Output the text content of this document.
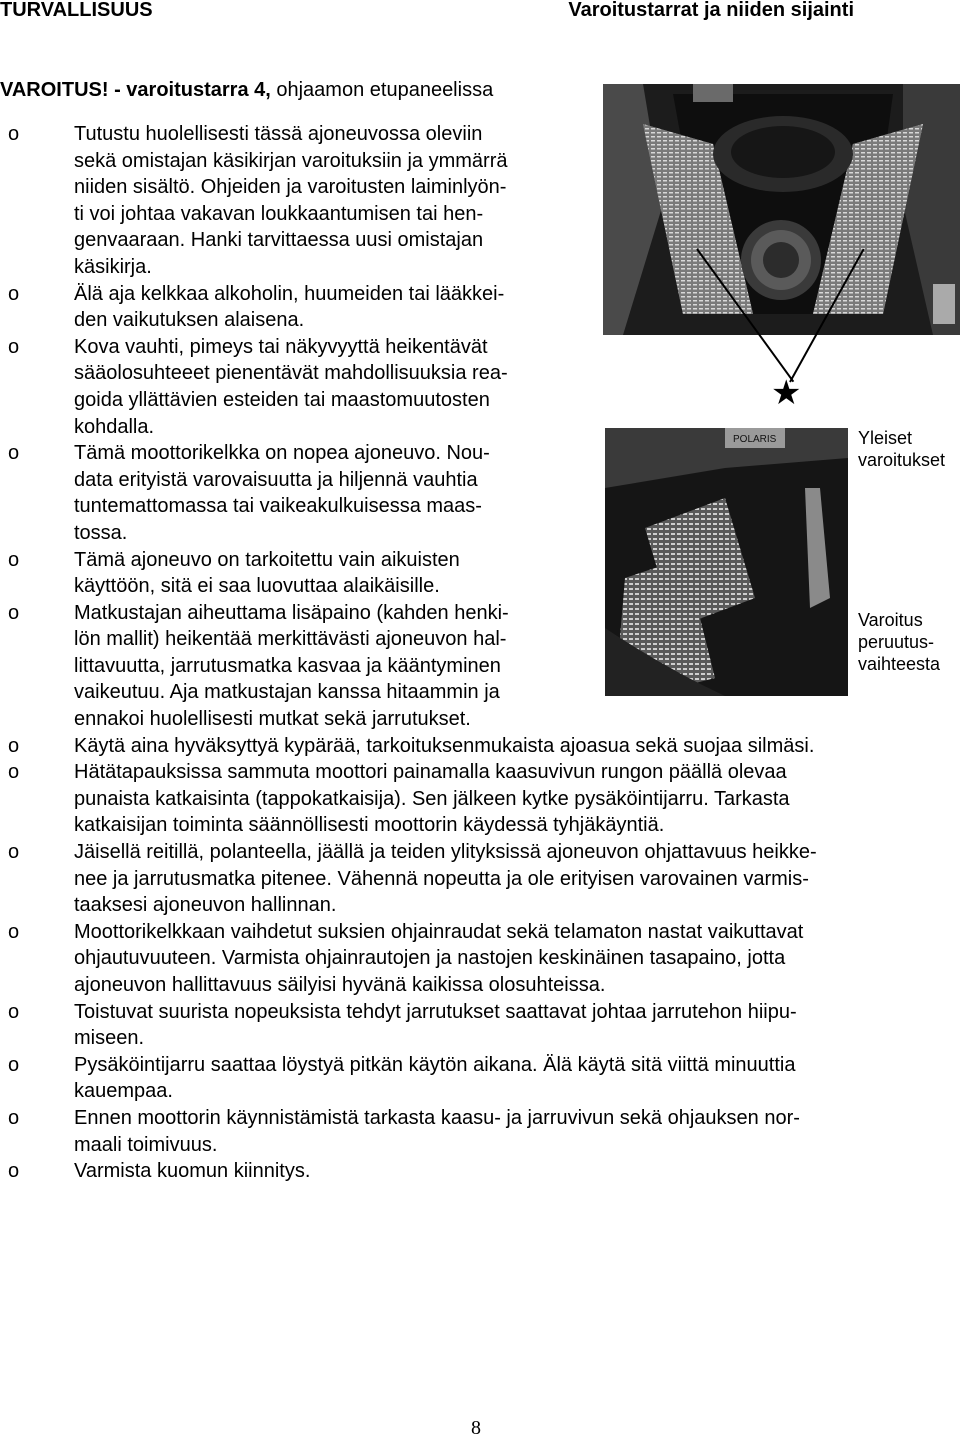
TURVALLISUUS	Varoitustarrat ja niiden sijainti
VAROITUS! - varoitustarra 4, ohjaamon etupaneelissa
o	Tutustu huolellisesti tässä ajoneuvossa oleviin
sekä omistajan käsikirjan varoituksiin ja ymmärrä
niiden sisältö. Ohjeiden ja varoitusten laiminlyön-
ti voi johtaa vakavan loukkaantumisen tai hen-
genvaaraan. Hanki tarvittaessa uusi omistajan
käsikirja.
o	Älä aja kelkkaa alkoholin, huumeiden tai lääkkei-
den vaikutuksen alaisena.
o	Kova vauhti, pimeys tai näkyvyyttä heikentävät
sääolosuhteeet pienentävät mahdollisuuksia rea-
goida yllättävien esteiden tai maastomuutosten
kohdalla.
o	Tämä moottorikelkka on nopea ajoneuvo. Nou-
data erityistä varovaisuutta ja hiljennä vauhtia
tuntemattomassa tai vaikeakulkuisessa maas-
tossa.
o	Tämä ajoneuvo on tarkoitettu vain aikuisten
käyttöön, sitä ei saa luovuttaa alaikäisille.
o	Matkustajan aiheuttama lisäpaino (kahden henki-
lön mallit) heikentää merkittävästi ajoneuvon hal-
littavuutta, jarrutusmatka kasvaa ja kääntyminen
vaikeutuu. Aja matkustajan kanssa hitaammin ja
ennakoi huolellisesti mutkat sekä jarrutukset.
o	Käytä aina hyväksyttyä kypärää, tarkoituksenmukaista ajoasua sekä suojaa silmäsi.
o	Hätätapauksissa sammuta moottori painamalla kaasuvivun rungon päällä olevaa
punaista katkaisinta (tappokatkaisija). Sen jälkeen kytke pysäköintijarru. Tarkasta
katkaisijan toiminta säännöllisesti moottorin käydessä tyhjäkäyntiä.
o	Jäisellä reitillä, polanteella, jäällä ja teiden ylityksissä ajoneuvon ohjattavuus heikke-
nee ja jarrutusmatka pitenee. Vähennä nopeutta ja ole erityisen varovainen varmis-
taaksesi ajoneuvon hallinnan.
o	Moottorikelkkaan vaihdetut suksien ohjainraudat sekä telamaton nastat vaikuttavat
ohjautuvuuteen. Varmista ohjainrautojen ja nastojen keskinäinen tasapaino, jotta
ajoneuvon hallittavuus säilyisi hyvänä kaikissa olosuhteissa.
o	Toistuvat suurista nopeuksista tehdyt jarrutukset saattavat johtaa jarrutehon hiipu-
miseen.
o	Pysäköintijarru saattaa löystyä pitkän käytön aikana. Älä käytä sitä viittä minuuttia
kauempaa.
o	Ennen moottorin käynnistämistä tarkasta kaasu- ja jarruvivun sekä ohjauksen nor-
maali toimivuus.
o	Varmista kuomun kiinnitys.
POLARIS
★
Yleiset
varoitukset
Varoitus
peruutus-
vaihteesta
8
